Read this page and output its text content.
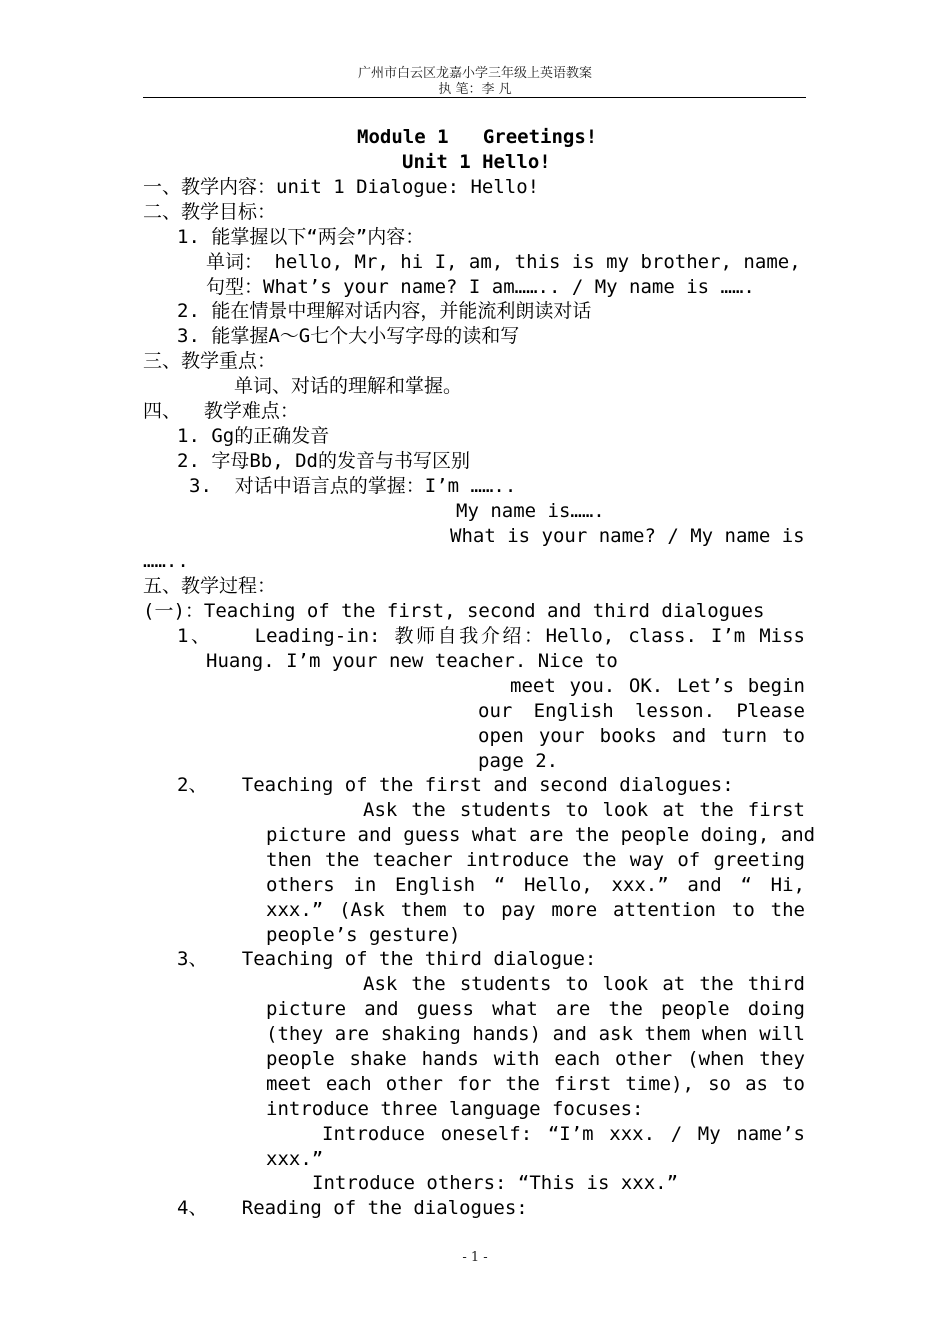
广州市白云区龙嘉小学三年级上英语教案
执 笔：李 凡
Module 1   Greetings!
Unit 1 Hello!
一、教学内容：unit 1 Dialogue: Hello!
二、教学目标：
1. 能掌握以下“两会”内容：
单词： hello, Mr, hi I, am, this is my brother, name,
句型：What’s your name? I am…….. / My name is …….
2. 能在情景中理解对话内容，并能流利朗读对话
3. 能掌握A～G七个大小写字母的读和写
三、教学重点：
单词、对话的理解和掌握。
四、  教学难点：
1. Gg的正确发音
2. 字母Bb, Dd的发音与书写区别
3.  对话中语言点的掌握：I’m ……..
My name is…….
What is your name? / My name is
……..
五、教学过程：
(一)：Teaching of the first, second and third dialogues
1、   Leading-in: 教师自我介绍：Hello, class. I’m Miss
Huang. I’m your new teacher. Nice to
meet you. OK. Let’s begin
our English lesson. Please
open your books and turn to
page 2.
2、   Teaching of the first and second dialogues:
Ask the students to look at the first
picture and guess what are the people doing, and
then the teacher introduce the way of greeting
others in English “ Hello, xxx.” and “ Hi,
xxx.” (Ask them to pay more attention to the
people’s gesture)
3、   Teaching of the third dialogue:
Ask the students to look at the third
picture and guess what are the people doing
(they are shaking hands) and ask them when will
people shake hands with each other (when they
meet each other for the first time), so as to
introduce three language focuses:
Introduce oneself: “I’m xxx. / My name’s
xxx.”
Introduce others: “This is xxx.”
4、   Reading of the dialogues:
- 1 -
